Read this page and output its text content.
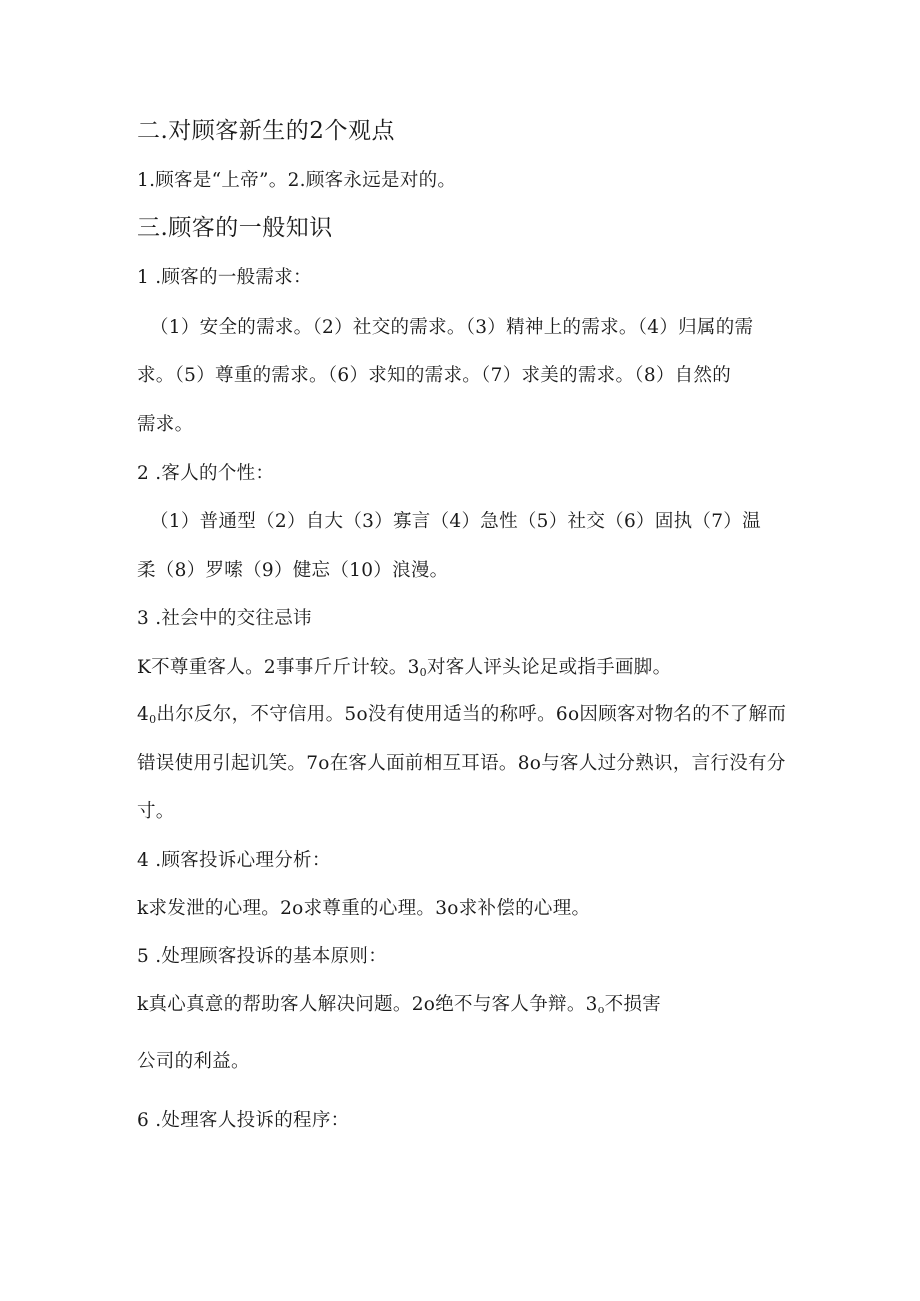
二.对顾客新生的2个观点
1.顾客是“上帝”。2.顾客永远是对的。
三.顾客的一般知识
1 .顾客的一般需求：
（1）安全的需求。（2）社交的需求。（3）精神上的需求。（4）归属的需
求。（5）尊重的需求。（6）求知的需求。（7）求美的需求。（8）自然的
需求。
2 .客人的个性：
（1）普通型（2）自大（3）寡言（4）急性（5）社交（6）固执（7）温
柔（8）罗嗦（9）健忘（10）浪漫。
3 .社会中的交往忌讳
K不尊重客人。2事事斤斤计较。$3_0$对客人评头论足或指手画脚。
$4_0$出尔反尔，不守信用。5o没有使用适当的称呼。6o因顾客对物名的不了解而
错误使用引起讥笑。7o在客人面前相互耳语。8o与客人过分熟识，言行没有分
寸。
4 .顾客投诉心理分析：
k求发泄的心理。2o求尊重的心理。3o求补偿的心理。
5 .处理顾客投诉的基本原则：
k真心真意的帮助客人解决问题。2o绝不与客人争辩。$3_o$不损害
公司的利益。
6 .处理客人投诉的程序：
